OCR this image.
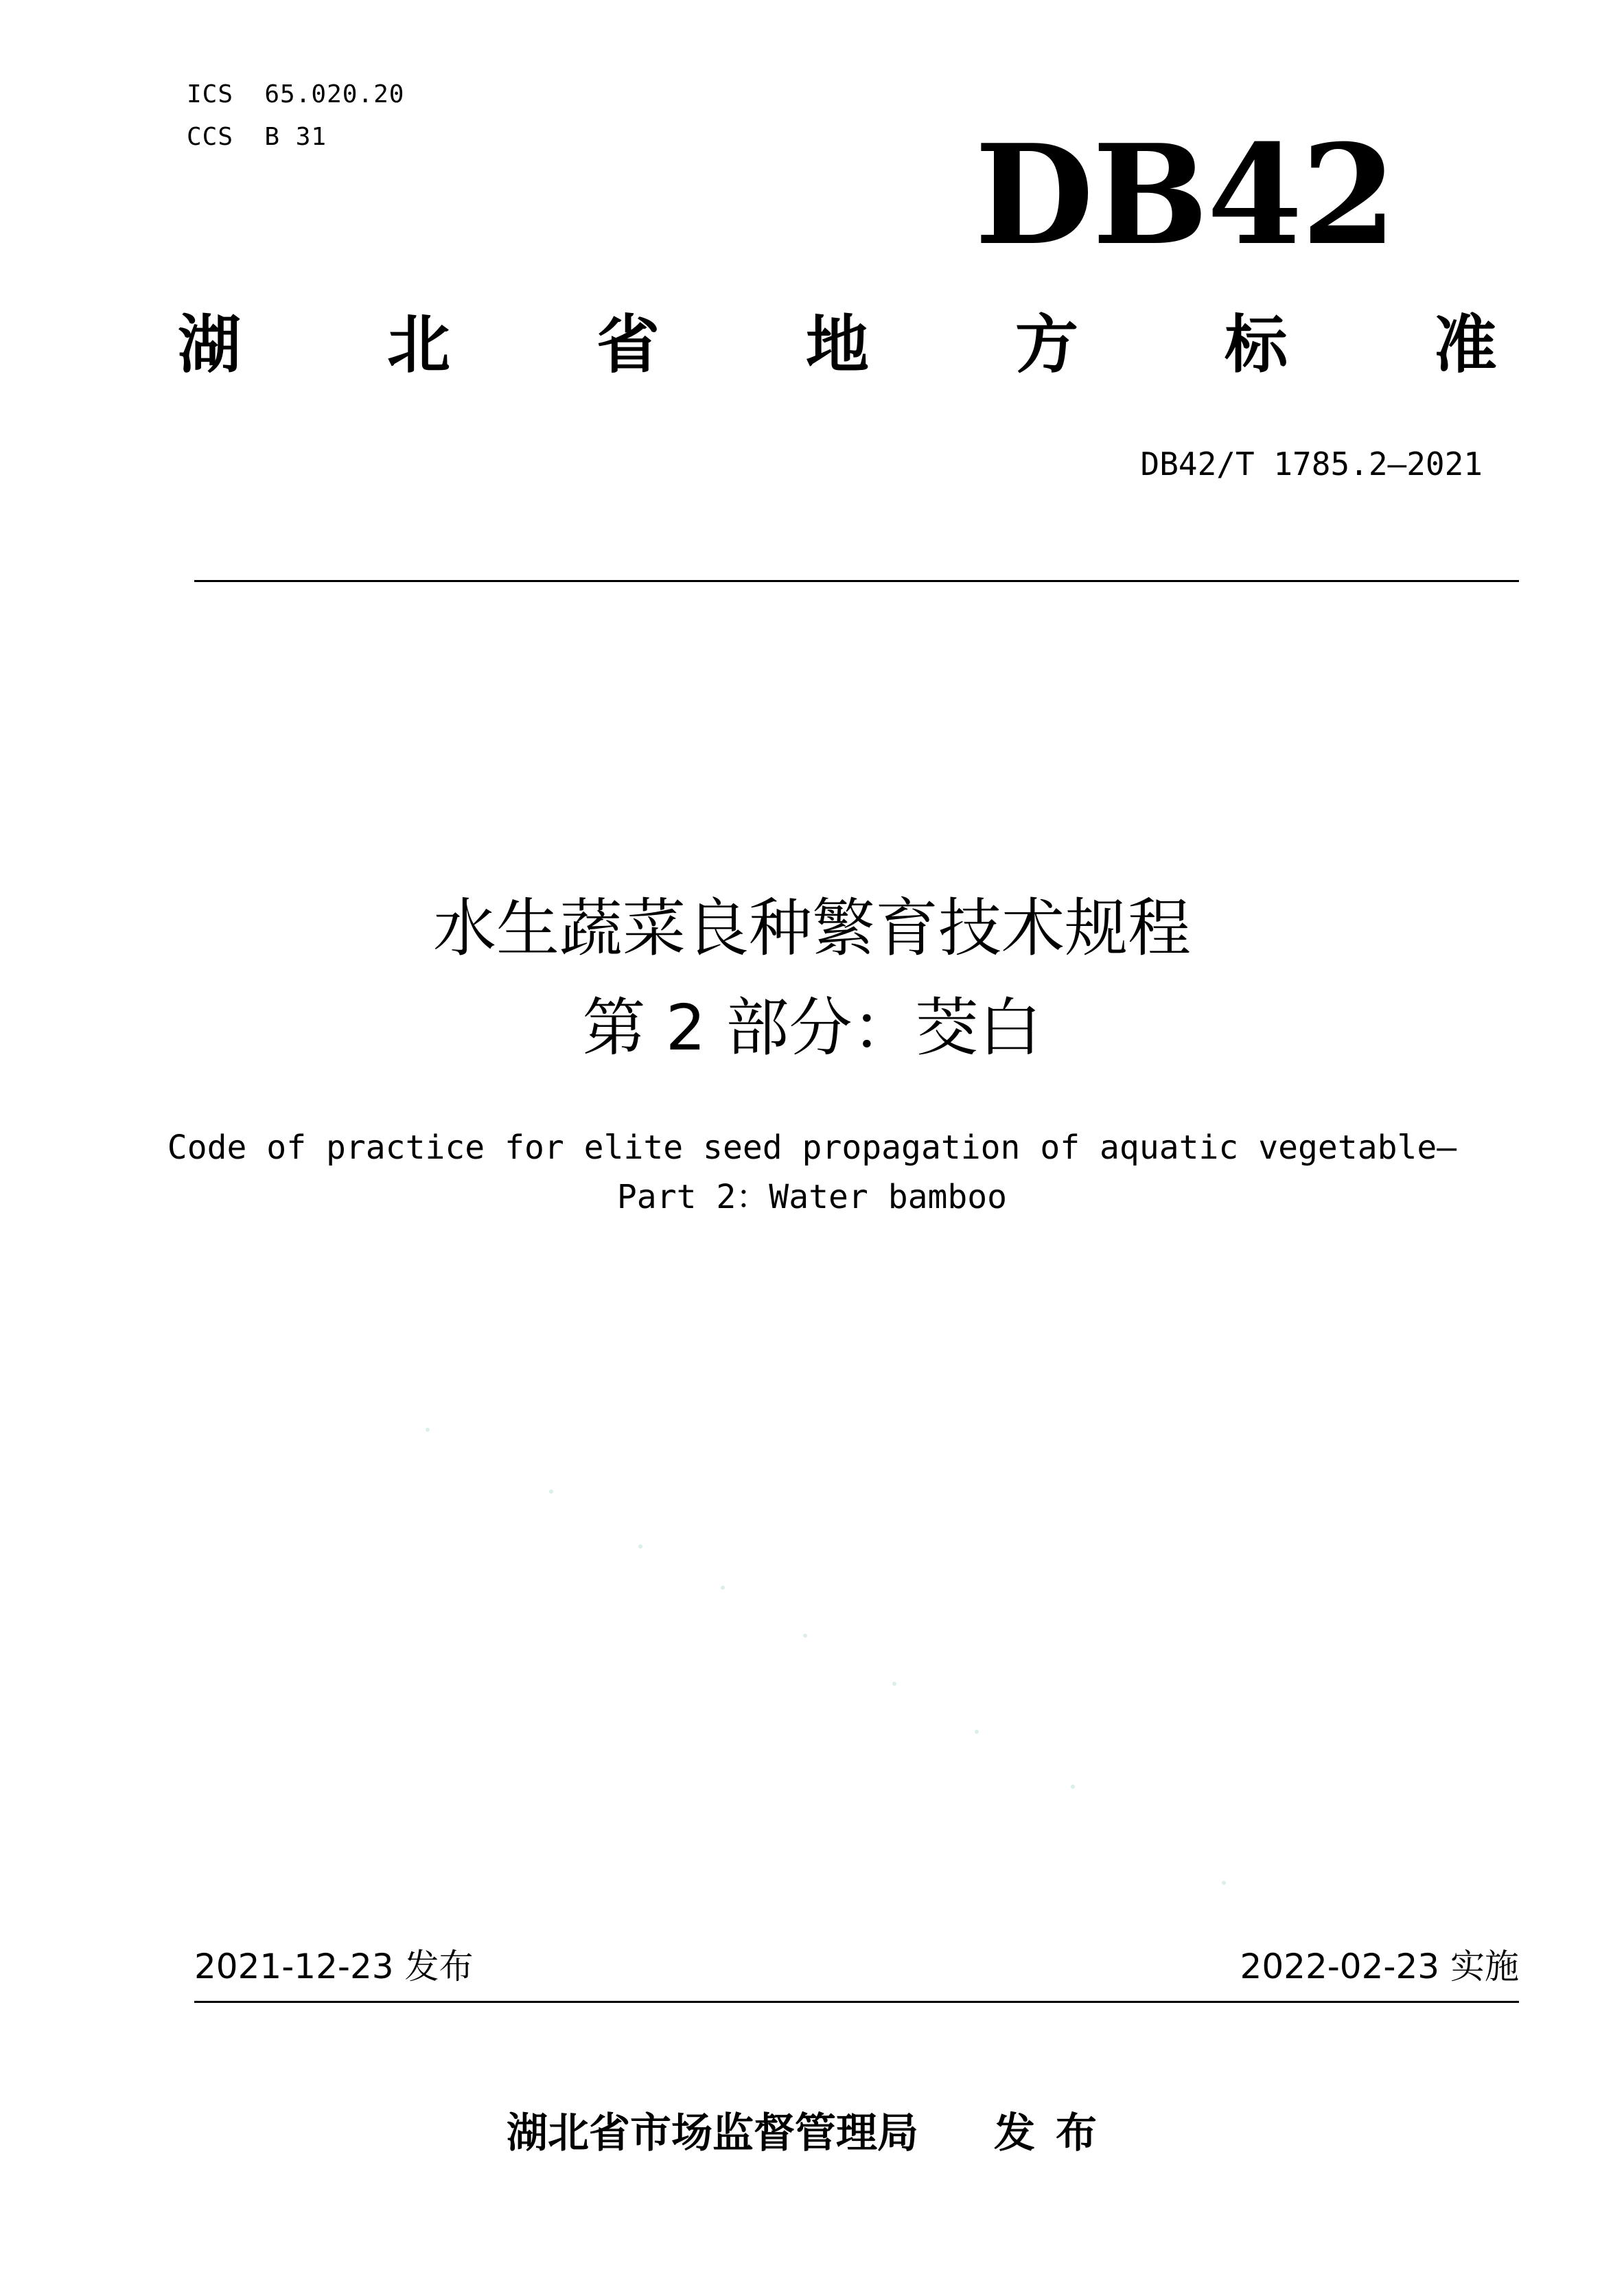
ICS  65.020.20
CCS  B 31	DB42
湖 北 省 地 方 标 准
DB42/T 1785.2—2021
水生蔬菜良种繁育技术规程
第 2 部分：茭白
Code of practice for elite seed propagation of aquatic vegetable—
Part 2：Water bamboo
2021-12-23 发布	2022-02-23 实施
湖北省市场监督管理局 发布
